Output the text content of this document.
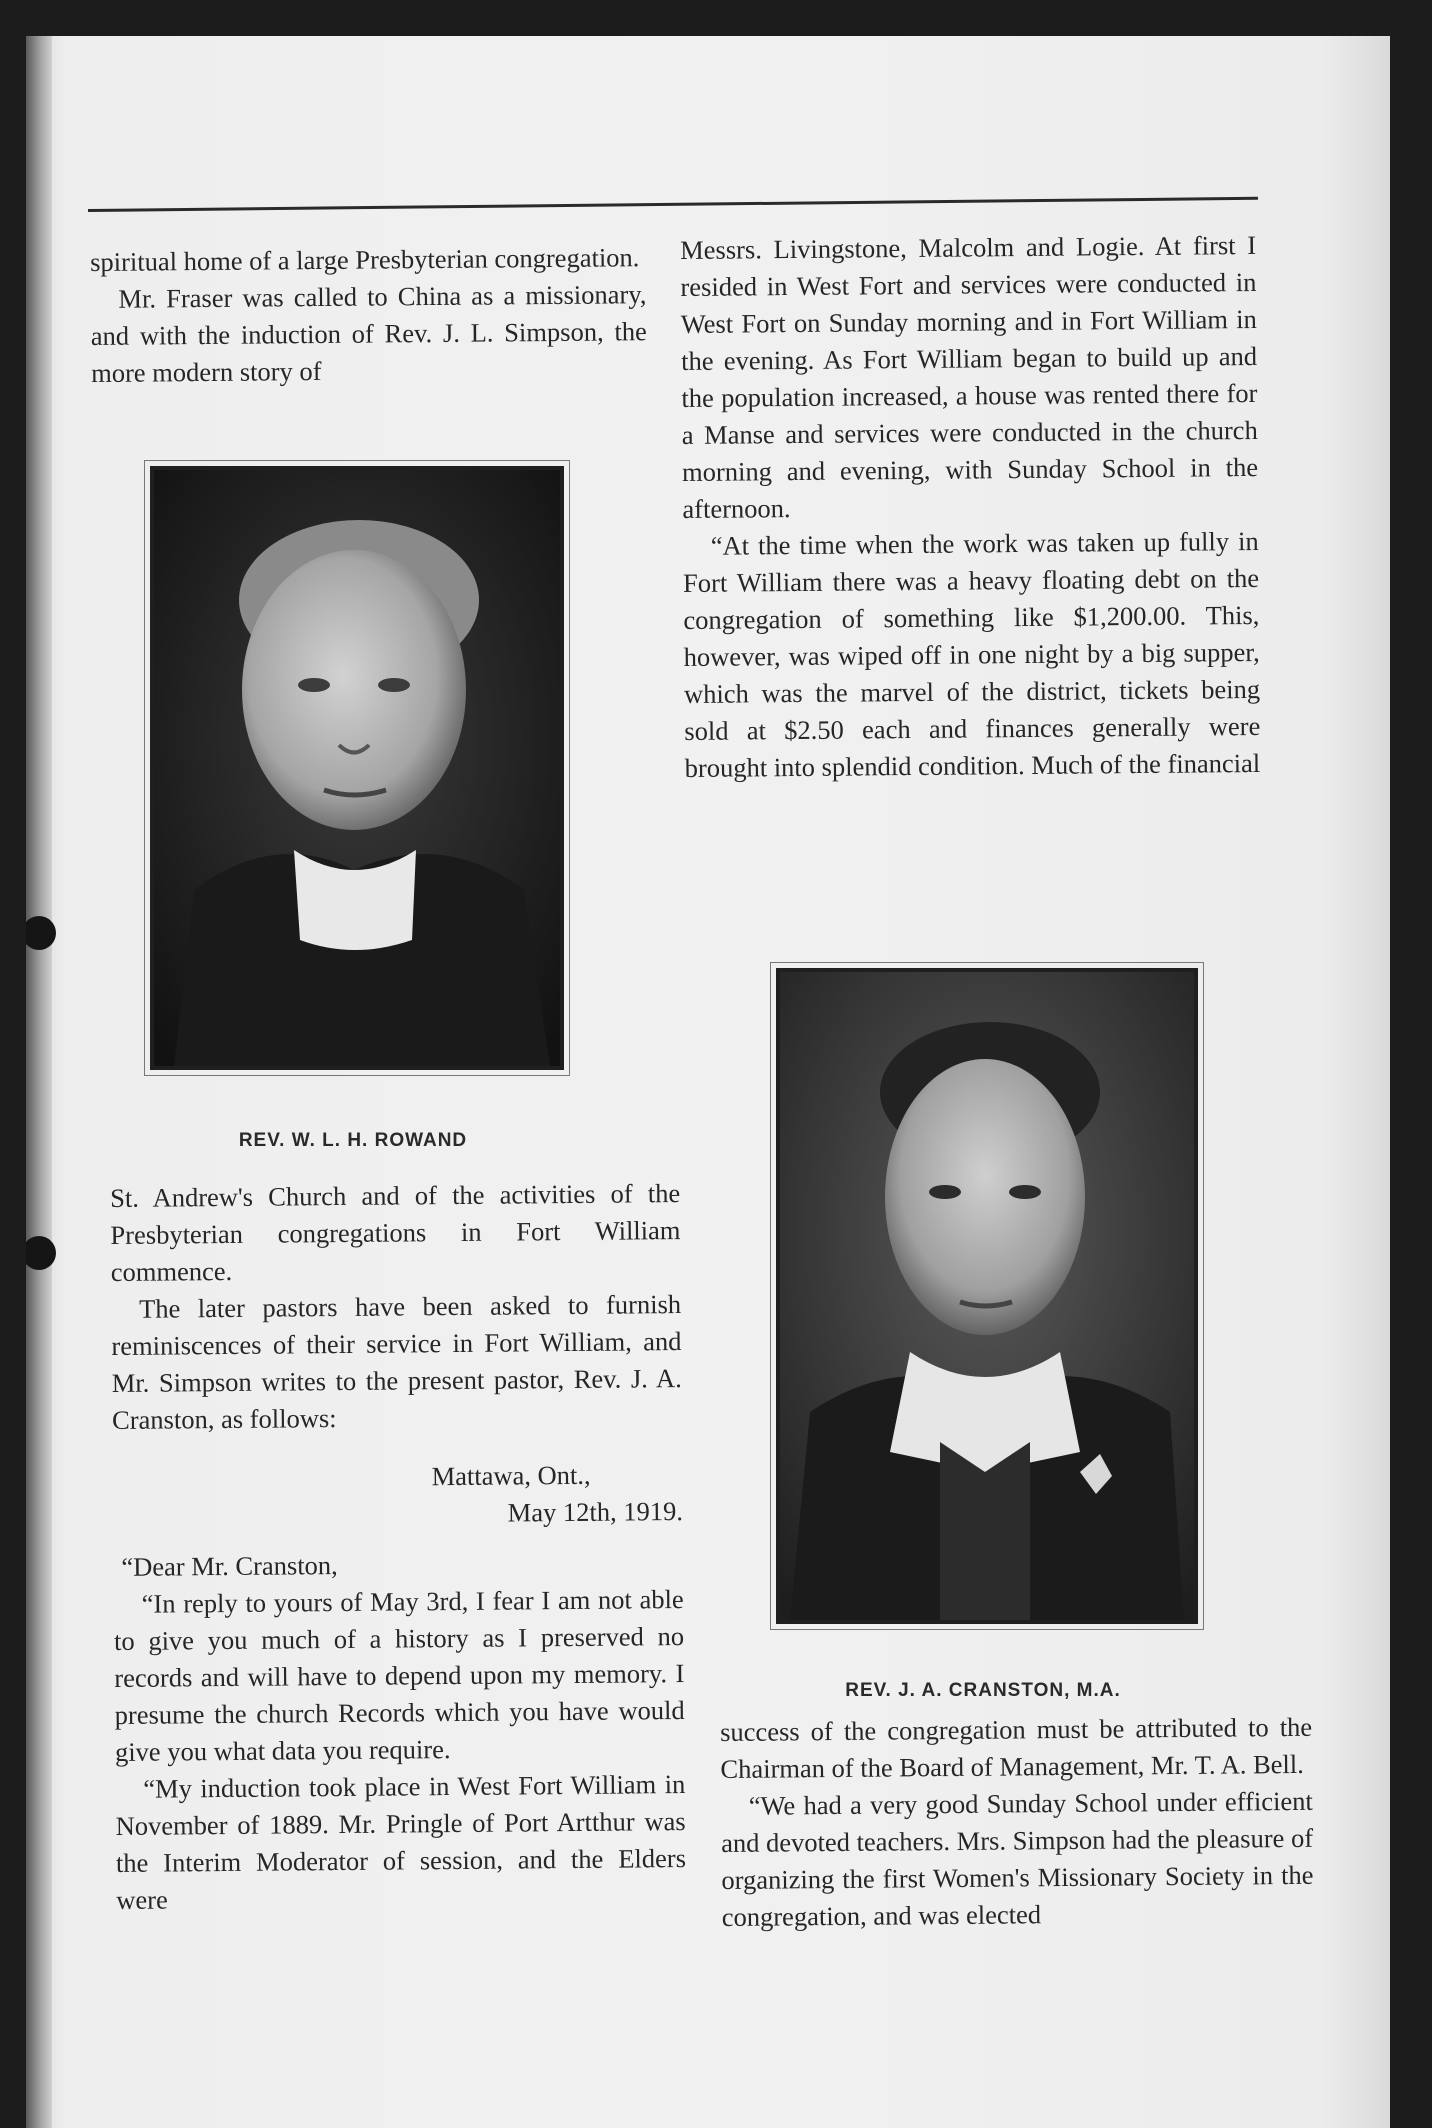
spiritual home of a large Presbyterian congregation.

Mr. Fraser was called to China as a missionary, and with the induction of Rev. J. L. Simpson, the more modern story of

REV. W. L. H. ROWAND

St. Andrew's Church and of the activities of the Presbyterian congregations in Fort William commence.

The later pastors have been asked to furnish reminiscences of their service in Fort William, and Mr. Simpson writes to the present pastor, Rev. J. A. Cranston, as follows:

Mattawa, Ont.,

May 12th, 1919.

“Dear Mr. Cranston,

“In reply to yours of May 3rd, I fear I am not able to give you much of a history as I preserved no records and will have to depend upon my memory. I presume the church Records which you have would give you what data you require.

“My induction took place in West Fort William in November of 1889. Mr. Pringle of Port Artthur was the Interim Moderator of session, and the Elders were

Messrs. Livingstone, Malcolm and Logie. At first I resided in West Fort and services were conducted in West Fort on Sunday morning and in Fort William in the evening. As Fort William began to build up and the population increased, a house was rented there for a Manse and services were conducted in the church morning and evening, with Sunday School in the afternoon.

“At the time when the work was taken up fully in Fort William there was a heavy floating debt on the congregation of something like $1,200.00. This, however, was wiped off in one night by a big supper, which was the marvel of the district, tickets being sold at $2.50 each and finances generally were brought into splendid condition. Much of the financial

REV. J. A. CRANSTON, M.A.

success of the congregation must be attributed to the Chairman of the Board of Management, Mr. T. A. Bell.

“We had a very good Sunday School under efficient and devoted teachers. Mrs. Simpson had the pleasure of organizing the first Women's Missionary Society in the congregation, and was elected
